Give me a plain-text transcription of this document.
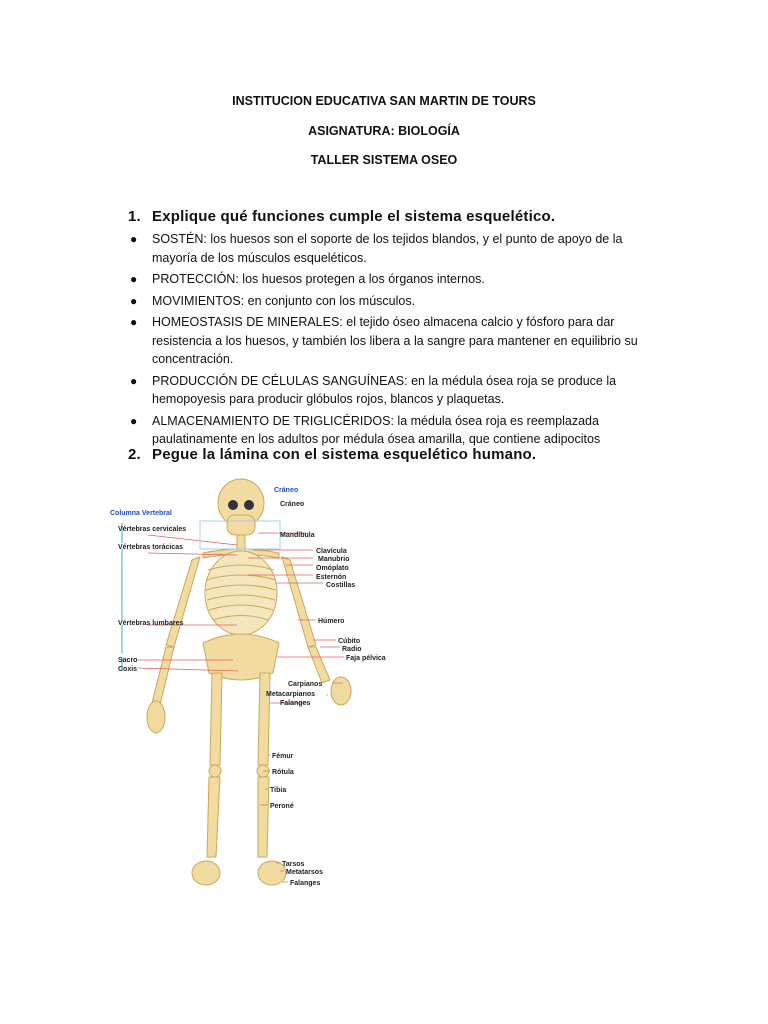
INSTITUCION EDUCATIVA SAN MARTIN DE TOURS
ASIGNATURA: BIOLOGÍA
TALLER SISTEMA OSEO
1. Explique qué funciones cumple el sistema esquelético.
● SOSTÉN: los huesos son el soporte de los tejidos blandos, y el punto de apoyo de la mayoría de los músculos esqueléticos.
● PROTECCIÓN: los huesos protegen a los órganos internos.
● MOVIMIENTOS: en conjunto con los músculos.
● HOMEOSTASIS DE MINERALES: el tejido óseo almacena calcio y fósforo para dar resistencia a los huesos, y también los libera a la sangre para mantener en equilibrio su concentración.
● PRODUCCIÓN DE CÉLULAS SANGUÍNEAS: en la médula ósea roja se produce la hemopoyesis para producir glóbulos rojos, blancos y plaquetas.
● ALMACENAMIENTO DE TRIGLICÉRIDOS: la médula ósea roja es reemplazada paulatinamente en los adultos por médula ósea amarilla, que contiene adipocitos
2. Pegue la lámina con el sistema esquelético humano.
Columna Vertebral
Vértebras cervicales
Vértebras torácicas
Vértebras lumbares
Sacro
Coxis
Cráneo
Cráneo
Mandíbula
Clavícula
Manubrio
Omóplato
Esternón
Costillas
Húmero
Cúbito
Radio
Faja pélvica
Carpianos
Metacarpianos
Falanges
Fémur
Rótula
Tibia
Peroné
Tarsos
Metatarsos
Falanges
